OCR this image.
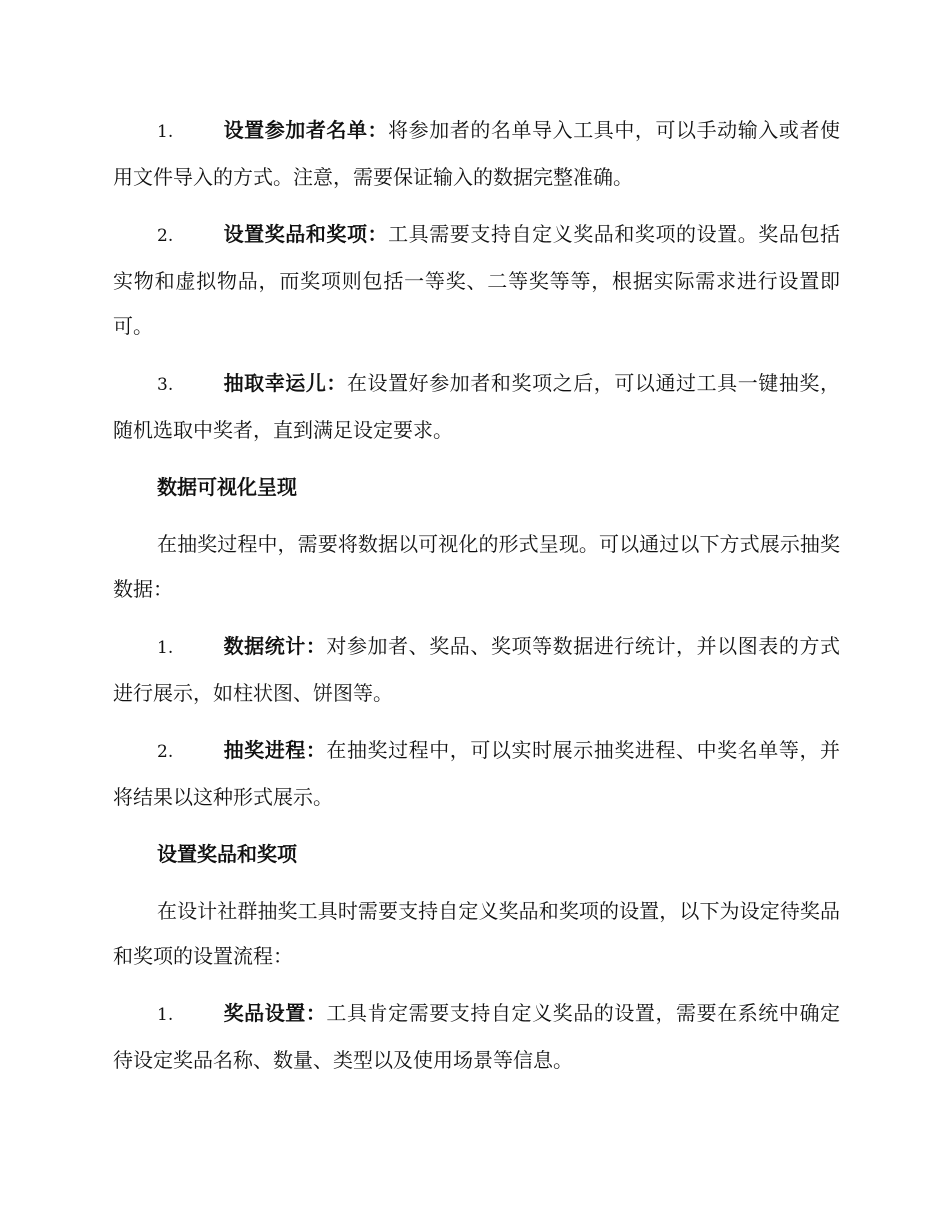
1. 设置参加者名单：将参加者的名单导入工具中，可以手动输入或者使用文件导入的方式。注意，需要保证输入的数据完整准确。

2. 设置奖品和奖项：工具需要支持自定义奖品和奖项的设置。奖品包括实物和虚拟物品，而奖项则包括一等奖、二等奖等等，根据实际需求进行设置即可。

3. 抽取幸运儿：在设置好参加者和奖项之后，可以通过工具一键抽奖，随机选取中奖者，直到满足设定要求。

数据可视化呈现

在抽奖过程中，需要将数据以可视化的形式呈现。可以通过以下方式展示抽奖数据：

1. 数据统计：对参加者、奖品、奖项等数据进行统计，并以图表的方式进行展示，如柱状图、饼图等。

2. 抽奖进程：在抽奖过程中，可以实时展示抽奖进程、中奖名单等，并将结果以这种形式展示。

设置奖品和奖项

在设计社群抽奖工具时需要支持自定义奖品和奖项的设置，以下为设定待奖品和奖项的设置流程：

1. 奖品设置：工具肯定需要支持自定义奖品的设置，需要在系统中确定待设定奖品名称、数量、类型以及使用场景等信息。
